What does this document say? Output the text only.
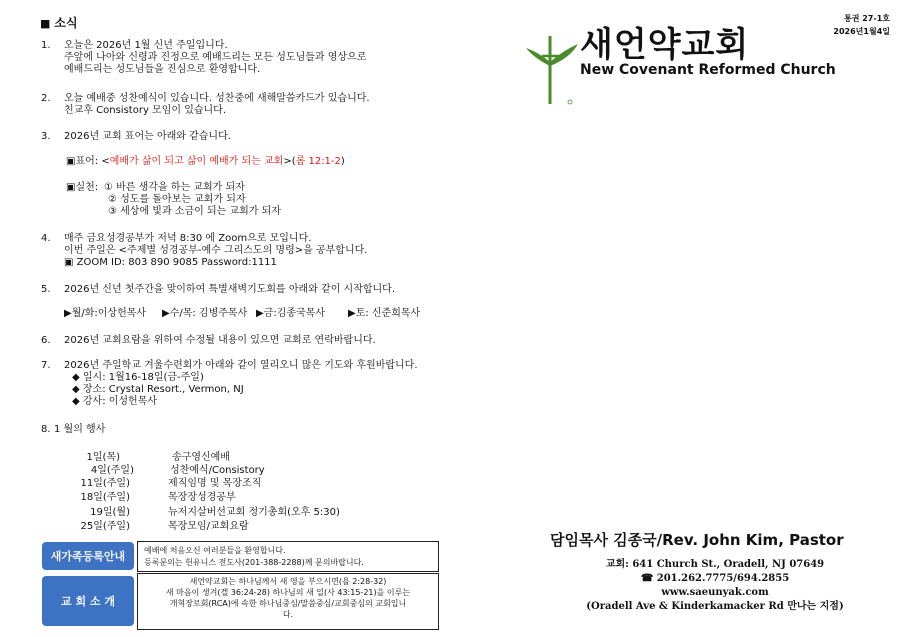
■ 소식
1. 오늘은 2026년 1월 신년 주일입니다.
주앞에 나아와 신령과 진정으로 예배드리는 모든 성도님들과 영상으로
예배드리는 성도님들을 진심으로 환영합니다.
2. 오늘 예배중 성찬예식이 있습니다. 성찬중에 새해말씀카드가 있습니다.
친교후 Consistory 모임이 있습니다.
3. 2026년 교회 표어는 아래와 같습니다.
▣표어: <예배가 삶이 되고 삶이 예배가 되는 교회>(롬 12:1-2)
▣실천: ① 바른 생각을 하는 교회가 되자
② 성도를 돌아보는 교회가 되자
③ 세상에 빛과 소금이 되는 교회가 되자
4. 매주 금요성경공부가 저녁 8:30 에 Zoom으로 모입니다.
이번 주일은 <주제별 성경공부-예수 그리스도의 명령>을 공부합니다.
▣ ZOOM ID: 803 890 9085 Password:1111
5. 2026년 신년 첫주간을 맞이하여 특별새벽기도회를 아래와 같이 시작합니다.
▶월/화:이상헌목사 ▶수/목: 김병주목사 ▶금:김종국목사 ▶토: 신준희목사
6. 2026년 교회요람을 위하여 수정될 내용이 있으면 교회로 연락바랍니다.
7. 2026년 주일학교 겨울수련회가 아래와 같이 열리오니 많은 기도와 후원바랍니다.
◆ 일시: 1월16-18일(금-주일)
◆ 장소: Crystal Resort., Vermon, NJ
◆ 강사: 이성헌목사
8. 1 월의 행사
1일(목)	송구영신예배
4일(주일)	성찬예식/Consistory
11일(주일)	제직임명 및 목장조직
18일(주일)	목장장성경공부
19일(월)	뉴저지살버선교회 정기총회(오후 5:30)
25일(주일)	목장모임/교회요람
새가족등록안내	예배에 처음오신 여러분들을 환영합니다.
등록문의는 헌유니스 전도사(201-388-2288)께 문의바랍니다.
교 회 소 개
새언약교회는 하나님께서 새 영을 부으시면(욜 2:28-32)
새 마음이 생겨(겔 36:24-28) 하나님의 새 일(사 43:15-21)을 이루는
개혁장로회(RCA)에 속한 하나님중심/말씀중심/교회중심의 교회입니
다.
통권 27-1호
2026년1월4일
새언약교회
New Covenant Reformed Church
담임목사 김종국/Rev. John Kim, Pastor
교회: 641 Church St., Oradell, NJ 07649
☎ 201.262.7775/694.2855
www.saeunyak.com
(Oradell Ave & Kinderkamacker Rd 만나는 지점)
